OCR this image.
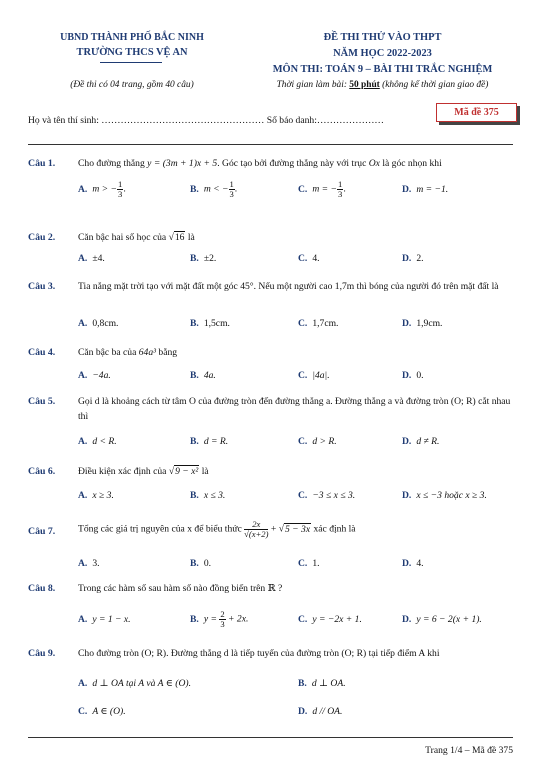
UBND THÀNH PHỐ BẮC NINH
TRƯỜNG THCS VỆ AN
(Đề thi có 04 trang, gồm 40 câu)
ĐỀ THI THỬ VÀO THPT
NĂM HỌC 2022-2023
MÔN THI: TOÁN 9 – BÀI THI TRẮC NGHIỆM
Thời gian làm bài: 50 phút (không kể thời gian giao đề)
Mã đề 375
Họ và tên thí sinh: …………………………………………… Số báo danh:…………………
Câu 1. Cho đường thẳng y = (3m + 1)x + 5. Góc tạo bởi đường thẳng này với trục Ox là góc nhọn khi
A. m > − $\frac{1}{3}$ .	B. m < − $\frac{1}{3}$ .	C. m = − $\frac{1}{3}$ .	D. m = −1.
Câu 2. Căn bậc hai số học của √16 là
A. ±4.	B. ±2.	C. 4.	D. 2.
Câu 3. Tia nắng mặt trời tạo với mặt đất một góc 45°. Nếu một người cao 1,7m thì bóng của người đó trên mặt đất là
A. 0,8cm.	B. 1,5cm.	C. 1,7cm.	D. 1,9cm.
Câu 4. Căn bậc ba của 64a³ bằng
A. −4a.	B. 4a.	C. |4a|.	D. 0.
Câu 5. Gọi d là khoảng cách từ tâm O của đường tròn đến đường thẳng a. Đường thẳng a và đường tròn (O; R) cắt nhau thì
A. d < R.	B. d = R.	C. d > R.	D. d ≠ R.
Câu 6. Điều kiện xác định của √9 − x² là
A. x ≥ 3.	B. x ≤ 3.	C. −3 ≤ x ≤ 3.	D. x ≤ −3 hoặc x ≥ 3.
Câu 7. Tổng các giá trị nguyên của x để biểu thức $\frac{2x}{√(x+2)} + √5 - 3x$ xác định là
A. 3.	B. 0.	C. 1.	D. 4.
Câu 8. Trong các hàm số sau hàm số nào đồng biến trên ℝ ?
A. y = 1 − x.	B. $y = \frac{2}{3} + 2x$.	C. y = −2x + 1.	D. y = 6 − 2(x + 1).
Câu 9. Cho đường tròn (O; R). Đường thẳng d là tiếp tuyến của đường tròn (O; R) tại tiếp điểm A khi
A. d ⊥ OA tại A và A ∈ (O).	B. d ⊥ OA.
C. A ∈ (O).	D. d // OA.
Trang 1/4 – Mã đề 375
